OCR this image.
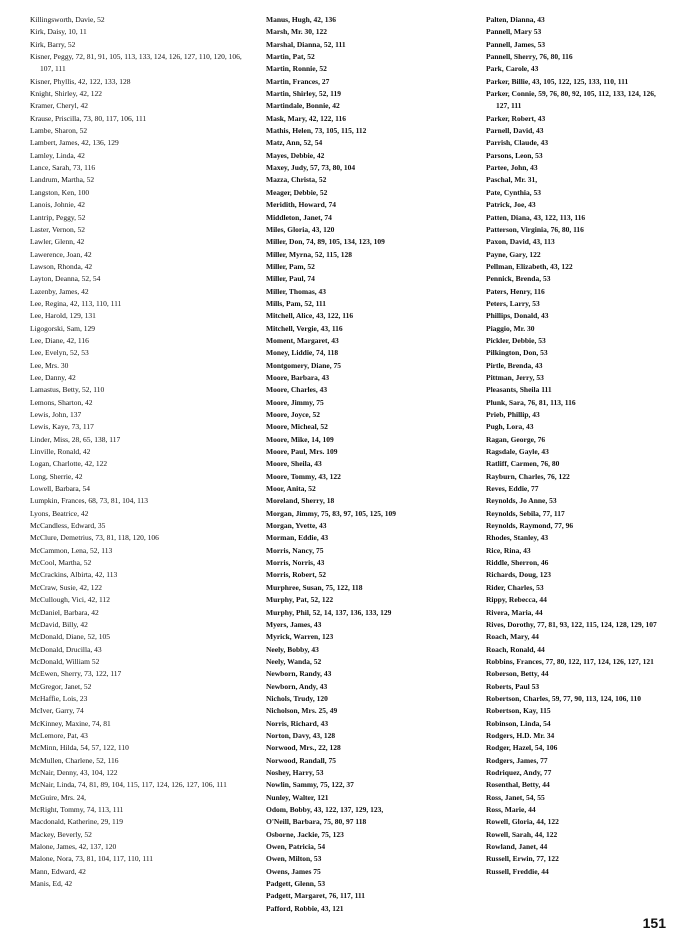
Killingsworth, Davie, 52
Kirk, Daisy, 10, 11
Kirk, Barry, 52
Kisner, Peggy, 72, 81, 91, 105, 113, 133, 124, 126, 127, 110, 120, 106, 107, 111
Kisner, Phyllis, 42, 122, 133, 128
Knight, Shirley, 42, 122
Kramer, Cheryl, 42
Krause, Priscilla, 73, 80, 117, 106, 111
Lambe, Sharon, 52
Lambert, James, 42, 136, 129
Lamley, Linda, 42
Lance, Sarah, 73, 116
Landrum, Martha, 52
Langston, Ken, 100
Lanois, Johnie, 42
Lantrip, Peggy, 52
Laster, Vernon, 52
Lawler, Glenn, 42
Lawerence, Joan, 42
Lawson, Rhonda, 42
Layton, Deanna, 52, 54
Lazenby, James, 42
Lee, Regina, 42, 113, 110, 111
Lee, Harold, 129, 131
Ligogorski, Sam, 129
Lee, Diane, 42, 116
Lee, Evelyn, 52, 53
Lee, Mrs. 30
Lee, Danny, 42
Lamastus, Betty, 52, 110
Lemons, Sharton, 42
Lewis, John, 137
Lewis, Kaye, 73, 117
Linder, Miss, 28, 65, 138, 117
Linville, Ronald, 42
Logan, Charlotte, 42, 122
Long, Sherrie, 42
Lowell, Barbara, 54
Lumpkin, Frances, 68, 73, 81, 104, 113
Lyons, Beatrice, 42
McCandless, Edward, 35
McClure, Demetrius, 73, 81, 118, 120, 106
McCammon, Lena, 52, 113
McCool, Martha, 52
McCrackins, Albirta, 42, 113
McCraw, Susie, 42, 122
McCullough, Vici, 42, 112
McDaniel, Barbara, 42
McDavid, Billy, 42
McDonald, Diane, 52, 105
McDonald, Drucilla, 43
McDonald, William 52
McEwen, Sherry, 73, 122, 117
McGregor, Janet, 52
McHaffie, Lois, 23
McIver, Garry, 74
McKinney, Maxine, 74, 81
McLemore, Pat, 43
McMinn, Hilda, 54, 57, 122, 110
McMullen, Charlene, 52, 116
McNair, Denny, 43, 104, 122
McNair, Linda, 74, 81, 89, 104, 115, 117, 124, 126, 127, 106, 111
McGuire, Mrs. 24,
McRight, Tommy, 74, 113, 111
Macdonald, Katherine, 29, 119
Mackey, Beverly, 52
Malone, James, 42, 137, 120
Malone, Nora, 73, 81, 104, 117, 110, 111
Mann, Edward, 42
Manis, Ed, 42
Manus, Hugh, 42, 136
Marsh, Mr. 30, 122
Marshal, Dianna, 52, 111
Martin, Pat, 52
Martin, Ronnie, 52
Martin, Frances, 27
Martin, Shirley, 52, 119
Martindale, Bonnie, 42
Mask, Mary, 42, 122, 116
Mathis, Helen, 73, 105, 115, 112
Matz, Ann, 52, 54
Mayes, Debbie, 42
Maxey, Judy, 57, 73, 80, 104
Mazza, Christa, 52
Meager, Debbie, 52
Meridith, Howard, 74
Middleton, Janet, 74
Miles, Gloria, 43, 120
Miller, Don, 74, 89, 105, 134, 123, 109
Miller, Myrna, 52, 115, 128
Miller, Pam, 52
Miller, Paul, 74
Miller, Thomas, 43
Mills, Pam, 52, 111
Mitchell, Alice, 43, 122, 116
Mitchell, Vergie, 43, 116
Moment, Margaret, 43
Money, Liddie, 74, 118
Montgomery, Diane, 75
Moore, Barbara, 43
Moore, Charles, 43
Moore, Jimmy, 75
Moore, Joyce, 52
Moore, Micheal, 52
Moore, Mike, 14, 109
Moore, Paul, Mrs. 109
Moore, Sheila, 43
Moore, Tommy, 43, 122
Moor, Anita, 52
Moreland, Sherry, 18
Morgan, Jimmy, 75, 83, 97, 105, 125, 109
Morgan, Yvette, 43
Morman, Eddie, 43
Morris, Nancy, 75
Morris, Norris, 43
Morris, Robert, 52
Murphree, Susan, 75, 122, 118
Murphy, Pat, 52, 122
Murphy, Phil, 52, 14, 137, 136, 133, 129
Myers, James, 43
Myrick, Warren, 123
Neely, Bobby, 43
Neely, Wanda, 52
Newborn, Randy, 43
Newborn, Andy, 43
Nichols, Trudy, 120
Nicholson, Mrs. 25, 49
Norris, Richard, 43
Norton, Davy, 43, 128
Norwood, Mrs., 22, 128
Norwood, Randall, 75
Noshey, Harry, 53
Nowlin, Sammy, 75, 122, 37
Nunley, Walter, 121
Odom, Bobby, 43, 122, 137, 129, 123,
O'Neill, Barbara, 75, 80, 97 118
Osborne, Jackie, 75, 123
Owen, Patricia, 54
Owen, Milton, 53
Owens, James 75
Padgett, Glenn, 53
Padgett, Margaret, 76, 117, 111
Pafford, Robbie, 43, 121
Palten, Dianna, 43
Pannell, Mary 53
Pannell, James, 53
Pannell, Sherry, 76, 80, 116
Park, Carole, 43
Parker, Billie, 43, 105, 122, 125, 133, 110, 111
Parker, Connie, 59, 76, 80, 92, 105, 112, 133, 124, 126, 127, 111
Parker, Robert, 43
Parnell, David, 43
Parrish, Claude, 43
Parsons, Leon, 53
Partee, John, 43
Paschal, Mr. 31,
Pate, Cynthia, 53
Patrick, Joe, 43
Patten, Diana, 43, 122, 113, 116
Patterson, Virginia, 76, 80, 116
Paxon, David, 43, 113
Payne, Gary, 122
Pellman, Elizabeth, 43, 122
Pennick, Brenda, 53
Paters, Henry, 116
Peters, Larry, 53
Phillips, Donald, 43
Piaggio, Mr. 30
Pickler, Debbie, 53
Pilkington, Don, 53
Pirtle, Brenda, 43
Pittman, Jerry, 53
Pleasants, Sheila 111
Plunk, Sara, 76, 81, 113, 116
Prieb, Phillip, 43
Pugh, Lora, 43
Ragan, George, 76
Ragsdale, Gayle, 43
Ratliff, Carmen, 76, 80
Rayburn, Charles, 76, 122
Reves, Eddie, 77
Reynolds, Jo Anne, 53
Reynolds, Sebila, 77, 117
Reynolds, Raymond, 77, 96
Rhodes, Stanley, 43
Rice, Rina, 43
Riddle, Sherron, 46
Richards, Doug, 123
Rider, Charles, 53
Rippy, Rebecca, 44
Rivera, Maria, 44
Rives, Dorothy, 77, 81, 93, 122, 115, 124, 128, 129, 107
Roach, Mary, 44
Roach, Ronald, 44
Robbins, Frances, 77, 80, 122, 117, 124, 126, 127, 121
Roberson, Betty, 44
Roberts, Paul 53
Robertson, Charles, 59, 77, 90, 113, 124, 106, 110
Robertson, Kay, 115
Robinson, Linda, 54
Rodgers, H.D. Mr. 34
Rodger, Hazel, 54, 106
Rodgers, James, 77
Rodriquez, Andy, 77
Rosenthal, Betty, 44
Ross, Janet, 54, 55
Ross, Marie, 44
Rowell, Gloria, 44, 122
Rowell, Sarah, 44, 122
Rowland, Janet, 44
Russell, Erwin, 77, 122
Russell, Freddie, 44
151
